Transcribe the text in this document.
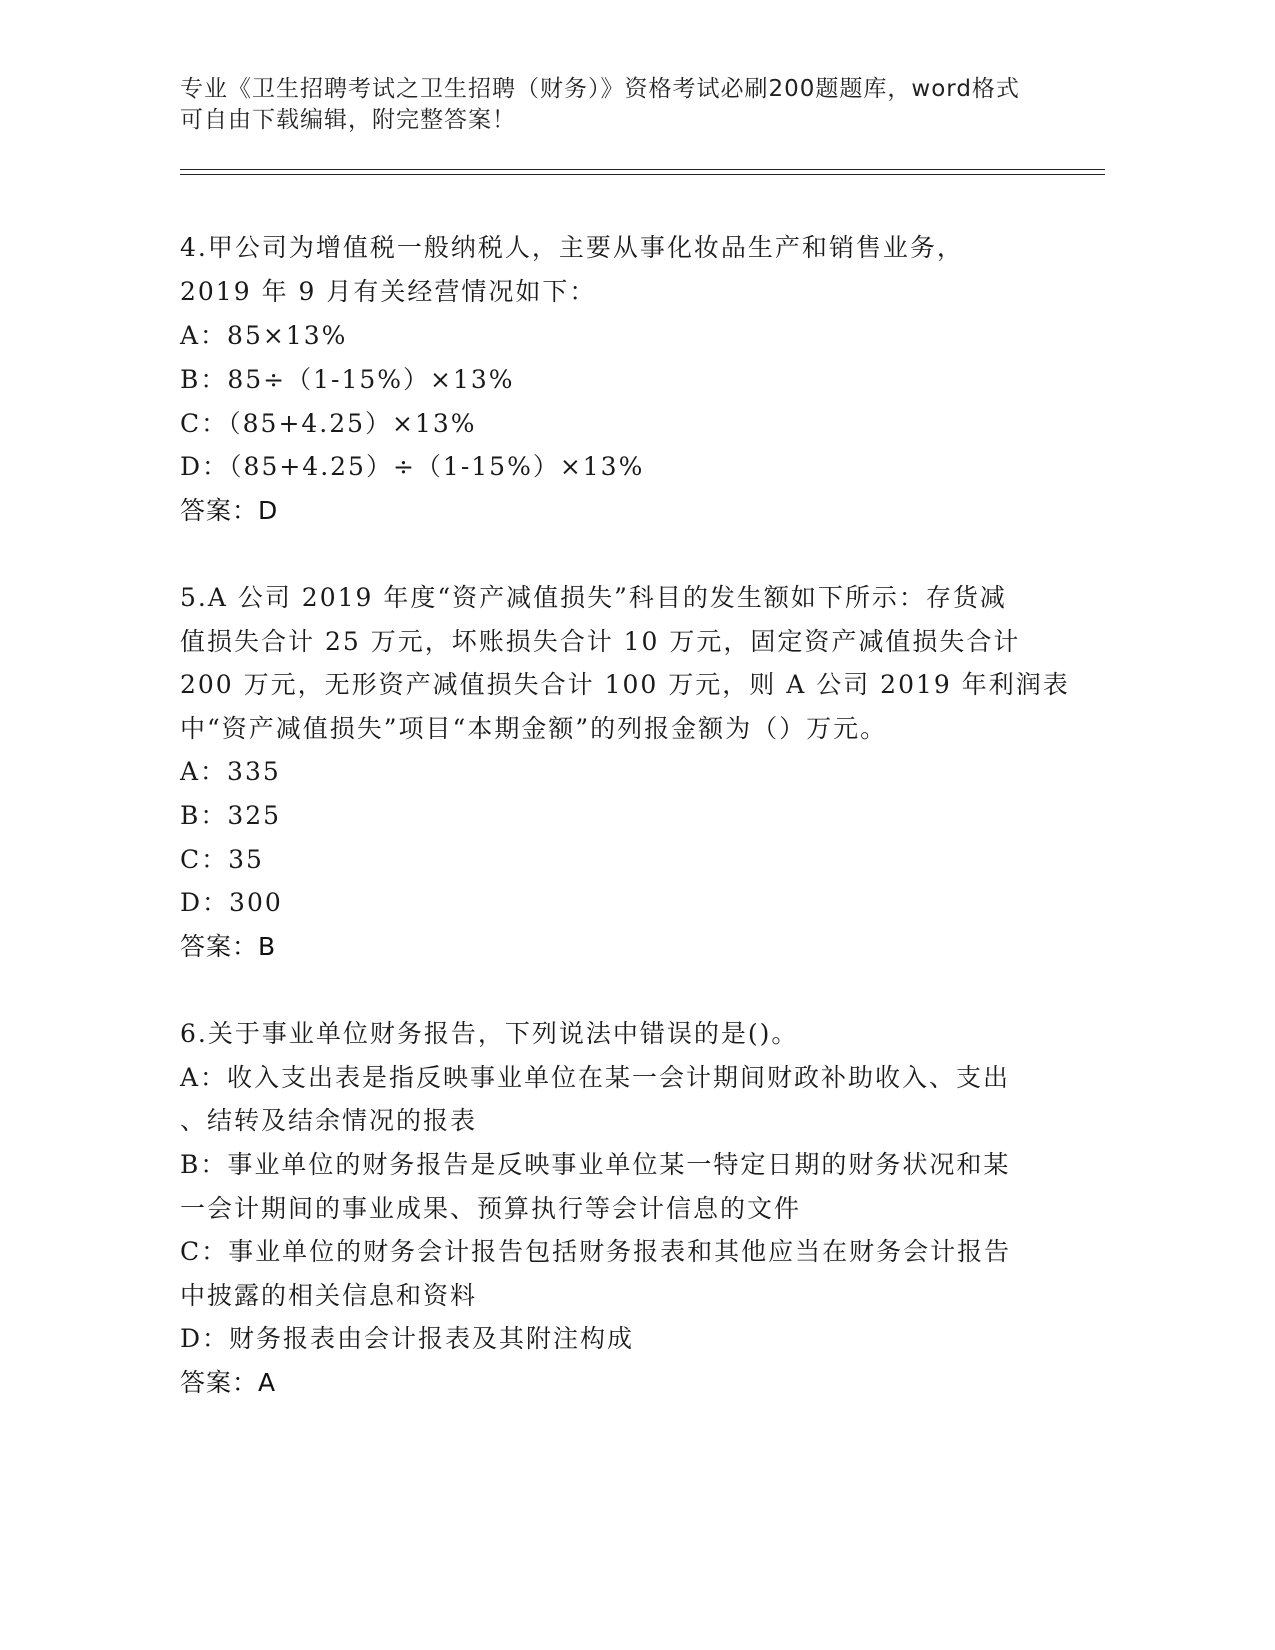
专业《卫生招聘考试之卫生招聘（财务）》资格考试必刷200题题库，word格式
可自由下载编辑，附完整答案！
4.甲公司为增值税一般纳税人，主要从事化妆品生产和销售业务，
2019 年 9 月有关经营情况如下：
A：85×13%
B：85÷（1-15%）×13%
C：（85+4.25）×13%
D：（85+4.25）÷（1-15%）×13%
答案：D
5.A 公司 2019 年度“资产减值损失”科目的发生额如下所示：存货减
值损失合计 25 万元，坏账损失合计 10 万元，固定资产减值损失合计
200 万元，无形资产减值损失合计 100 万元，则 A 公司 2019 年利润表
中“资产减值损失”项目“本期金额”的列报金额为（）万元。
A：335
B：325
C：35
D：300
答案：B
6.关于事业单位财务报告，下列说法中错误的是()。
A：收入支出表是指反映事业单位在某一会计期间财政补助收入、支出
、结转及结余情况的报表
B：事业单位的财务报告是反映事业单位某一特定日期的财务状况和某
一会计期间的事业成果、预算执行等会计信息的文件
C：事业单位的财务会计报告包括财务报表和其他应当在财务会计报告
中披露的相关信息和资料
D：财务报表由会计报表及其附注构成
答案：A
